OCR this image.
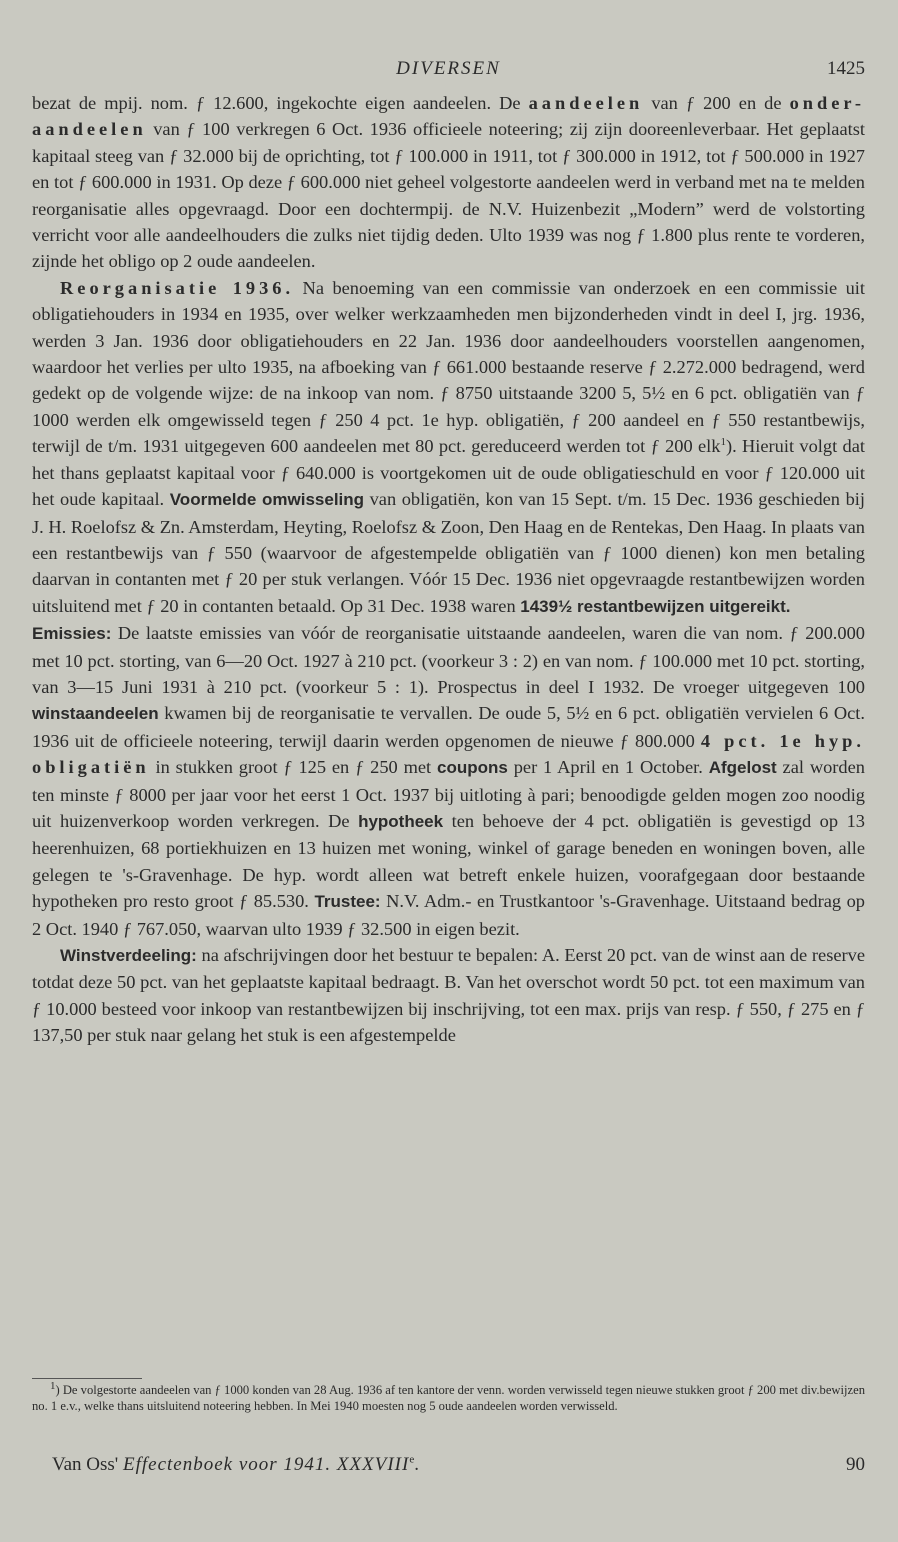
DIVERSEN	1425

bezat de mpij. nom. ƒ 12.600, ingekochte eigen aandeelen. De aandeelen van ƒ 200 en de onder-aandeelen van ƒ 100 verkregen 6 Oct. 1936 officieele noteering; zij zijn dooreenleverbaar. Het geplaatst kapitaal steeg van ƒ 32.000 bij de oprichting, tot ƒ 100.000 in 1911, tot ƒ 300.000 in 1912, tot ƒ 500.000 in 1927 en tot ƒ 600.000 in 1931. Op deze ƒ 600.000 niet geheel volgestorte aandeelen werd in verband met na te melden reorganisatie alles opgevraagd. Door een dochtermpij. de N.V. Huizenbezit „Modern” werd de volstorting verricht voor alle aandeelhouders die zulks niet tijdig deden. Ulto 1939 was nog ƒ 1.800 plus rente te vorderen, zijnde het obligo op 2 oude aandeelen.

Reorganisatie 1936. Na benoeming van een commissie van onderzoek en een commissie uit obligatiehouders in 1934 en 1935, over welker werkzaamheden men bijzonderheden vindt in deel I, jrg. 1936, werden 3 Jan. 1936 door obligatiehouders en 22 Jan. 1936 door aandeelhouders voorstellen aangenomen, waardoor het verlies per ulto 1935, na afboeking van ƒ 661.000 bestaande reserve ƒ 2.272.000 bedragend, werd gedekt op de volgende wijze: de na inkoop van nom. ƒ 8750 uitstaande 3200 5, 5½ en 6 pct. obligatiën van ƒ 1000 werden elk omgewisseld tegen ƒ 250 4 pct. 1e hyp. obligatiën, ƒ 200 aandeel en ƒ 550 restantbewijs, terwijl de t/m. 1931 uitgegeven 600 aandeelen met 80 pct. gereduceerd werden tot ƒ 200 elk$^1$). Hieruit volgt dat het thans geplaatst kapitaal voor ƒ 640.000 is voortgekomen uit de oude obligatieschuld en voor ƒ 120.000 uit het oude kapitaal. Voormelde omwisseling van obligatiën, kon van 15 Sept. t/m. 15 Dec. 1936 geschieden bij J. H. Roelofsz & Zn. Amsterdam, Heyting, Roelofsz & Zoon, Den Haag en de Rentekas, Den Haag. In plaats van een restantbewijs van ƒ 550 (waarvoor de afgestempelde obligatiën van ƒ 1000 dienen) kon men betaling daarvan in contanten met ƒ 20 per stuk verlangen. Vóór 15 Dec. 1936 niet opgevraagde restantbewijzen worden uitsluitend met ƒ 20 in contanten betaald. Op 31 Dec. 1938 waren 1439½ restantbewijzen uitgereikt.

Emissies: De laatste emissies van vóór de reorganisatie uitstaande aandeelen, waren die van nom. ƒ 200.000 met 10 pct. storting, van 6—20 Oct. 1927 à 210 pct. (voorkeur 3 : 2) en van nom. ƒ 100.000 met 10 pct. storting, van 3—15 Juni 1931 à 210 pct. (voorkeur 5 : 1). Prospectus in deel I 1932. De vroeger uitgegeven 100 winstaandeelen kwamen bij de reorganisatie te vervallen. De oude 5, 5½ en 6 pct. obligatiën vervielen 6 Oct. 1936 uit de officieele noteering, terwijl daarin werden opgenomen de nieuwe ƒ 800.000 4 pct. 1e hyp. obligatiën in stukken groot ƒ 125 en ƒ 250 met coupons per 1 April en 1 October. Afgelost zal worden ten minste ƒ 8000 per jaar voor het eerst 1 Oct. 1937 bij uitloting à pari; benoodigde gelden mogen zoo noodig uit huizenverkoop worden verkregen. De hypotheek ten behoeve der 4 pct. obligatiën is gevestigd op 13 heerenhuizen, 68 portiekhuizen en 13 huizen met woning, winkel of garage beneden en woningen boven, alle gelegen te 's-Gravenhage. De hyp. wordt alleen wat betreft enkele huizen, voorafgegaan door bestaande hypotheken pro resto groot ƒ 85.530. Trustee: N.V. Adm.- en Trustkantoor 's-Gravenhage. Uitstaand bedrag op 2 Oct. 1940 ƒ 767.050, waarvan ulto 1939 ƒ 32.500 in eigen bezit.

Winstverdeeling: na afschrijvingen door het bestuur te bepalen: A. Eerst 20 pct. van de winst aan de reserve totdat deze 50 pct. van het geplaatste kapitaal bedraagt. B. Van het overschot wordt 50 pct. tot een maximum van ƒ 10.000 besteed voor inkoop van restantbewijzen bij inschrijving, tot een max. prijs van resp. ƒ 550, ƒ 275 en ƒ 137,50 per stuk naar gelang het stuk is een afgestempelde

$^1$) De volgestorte aandeelen van ƒ 1000 konden van 28 Aug. 1936 af ten kantore der venn. worden verwisseld tegen nieuwe stukken groot ƒ 200 met div.bewijzen no. 1 e.v., welke thans uitsluitend noteering hebben. In Mei 1940 moesten nog 5 oude aandeelen worden verwisseld.

Van Oss' Effectenboek voor 1941. XXXVIIIe.	90
